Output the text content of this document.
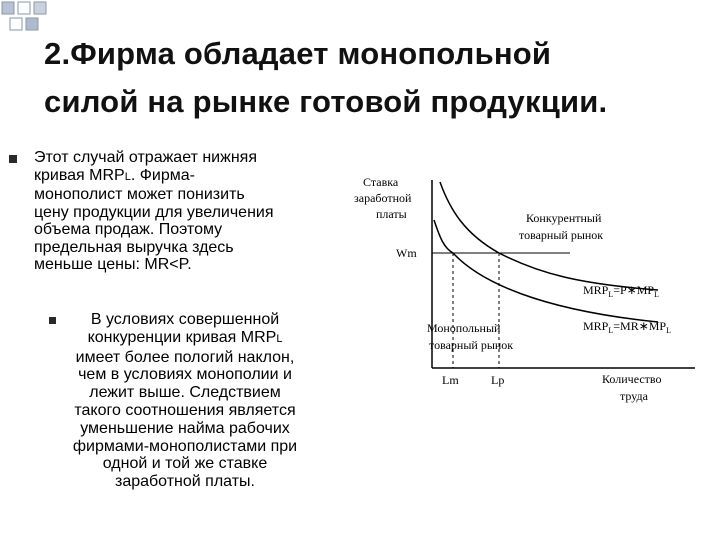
2.Фирма обладает монопольной
силой на рынке готовой продукции.
Этот случай отражает нижняя
кривая MRPL. Фирма-
монополист может понизить
цену продукции для увеличения
объема продаж. Поэтому
предельная выручка здесь
меньше цены: MR<P.
В условиях совершенной
конкуренции кривая MRPL
имеет более пологий наклон,
чем в условиях монополии и
лежит выше. Следствием
такого соотношения является
уменьшение найма рабочих
фирмами-монополистами при
одной и той же ставке
заработной платы.
Ставка
заработной
платы
Wm
Конкурентный
товарный рынок
Монопольный
товарный рынок
$MRP_L=P∗MP_L$
$MRP_L=MR∗MP_L$
Lm	Lp	Количество
труда
